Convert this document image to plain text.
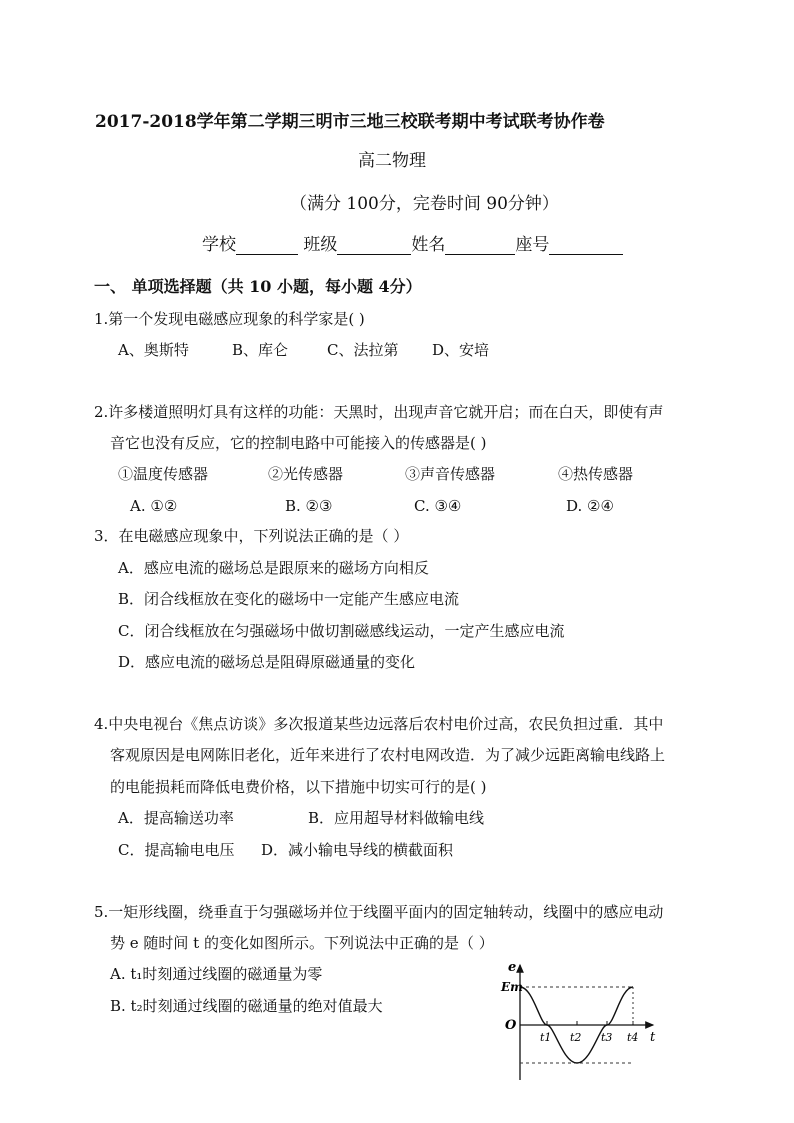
2017-2018学年第二学期三明市三地三校联考期中考试联考协作卷
高二物理
（满分 100分，完卷时间 90分钟）
学校	班级	姓名	座号
一、 单项选择题（共 10 小题，每小题 4分）
1.第一个发现电磁感应现象的科学家是( )
A、奥斯特	B、库仑	C、法拉第 D、安培
2.许多楼道照明灯具有这样的功能：天黑时，出现声音它就开启；而在白天，即使有声
音它也没有反应，它的控制电路中可能接入的传感器是( )
①温度传感器	②光传感器	③声音传感器	④热传感器
A. ①②	B. ②③	C. ③④	D. ②④
3．在电磁感应现象中，下列说法正确的是（ ）
A．感应电流的磁场总是跟原来的磁场方向相反
B．闭合线框放在变化的磁场中一定能产生感应电流
C．闭合线框放在匀强磁场中做切割磁感线运动，一定产生感应电流
D．感应电流的磁场总是阻碍原磁通量的变化
4.中央电视台《焦点访谈》多次报道某些边远落后农村电价过高，农民负担过重．其中
客观原因是电网陈旧老化，近年来进行了农村电网改造．为了减少远距离输电线路上
的电能损耗而降低电费价格，以下措施中切实可行的是( )
A．提高输送功率	B．应用超导材料做输电线
C．提高输电电压 D．减小输电导线的横截面积
5.一矩形线圈，绕垂直于匀强磁场并位于线圈平面内的固定轴转动，线圈中的感应电动
势 e 随时间 t 的变化如图所示。下列说法中正确的是（ ）
A. t₁时刻通过线圈的磁通量为零
B. t₂时刻通过线圈的磁通量的绝对值最大
e
Em
O
t
t1 t2 t3 t4
